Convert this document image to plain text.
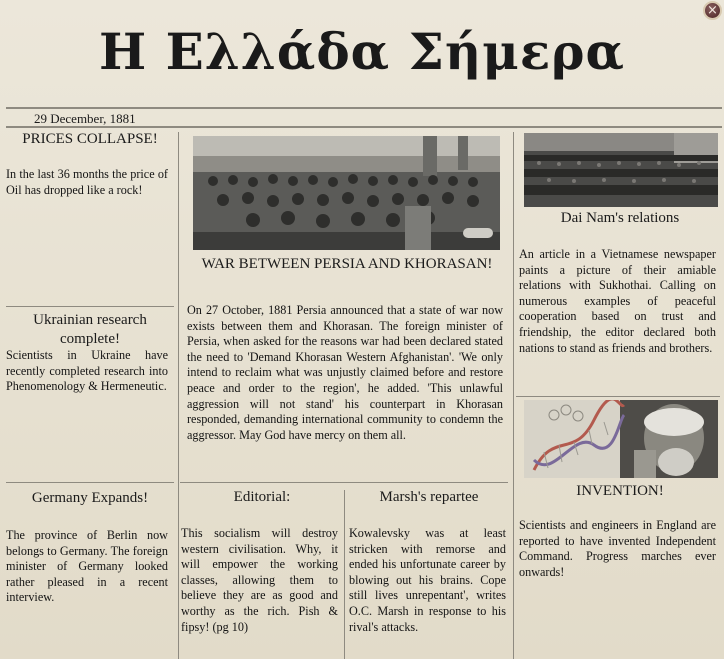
Η Ελλάδα Σήμερα
×
29 December, 1881
PRICES COLLAPSE!
In the last 36 months the price of Oil has dropped like a rock!
Ukrainian research complete!
Scientists in Ukraine have recently completed research into Phenomenology & Hermeneutic.
Germany Expands!
The province of Berlin now belongs to Germany. The foreign minister of Germany looked rather pleased in a recent interview.
WAR BETWEEN PERSIA AND KHORASAN!
On 27 October, 1881 Persia announced that a state of war now exists between them and Khorasan. The foreign minister of Persia, when asked for the reasons war had been declared stated the need to 'Demand Khorasan Western Afghanistan'. 'We only intend to reclaim what was unjustly claimed before and restore peace and order to the region', he added. 'This unlawful aggression will not stand' his counterpart in Khorasan responded, demanding international community to condemn the aggressor. May God have mercy on them all.
Editorial:
This socialism will destroy western civilisation. Why, it will empower the working classes, allowing them to believe they are as good and worthy as the rich. Pish & fipsy! (pg 10)
Marsh's repartee
Kowalevsky was at least stricken with remorse and ended his unfortunate career by blowing out his brains. Cope still lives unrepentant', writes O.C. Marsh in response to his rival's attacks.
Dai Nam's relations
An article in a Vietnamese newspaper paints a picture of their amiable relations with Sukhothai. Calling on numerous examples of peaceful cooperation based on trust and friendship, the editor declared both nations to stand as friends and brothers.
INVENTION!
Scientists and engineers in England are reported to have invented Independent Command. Progress marches ever onwards!
